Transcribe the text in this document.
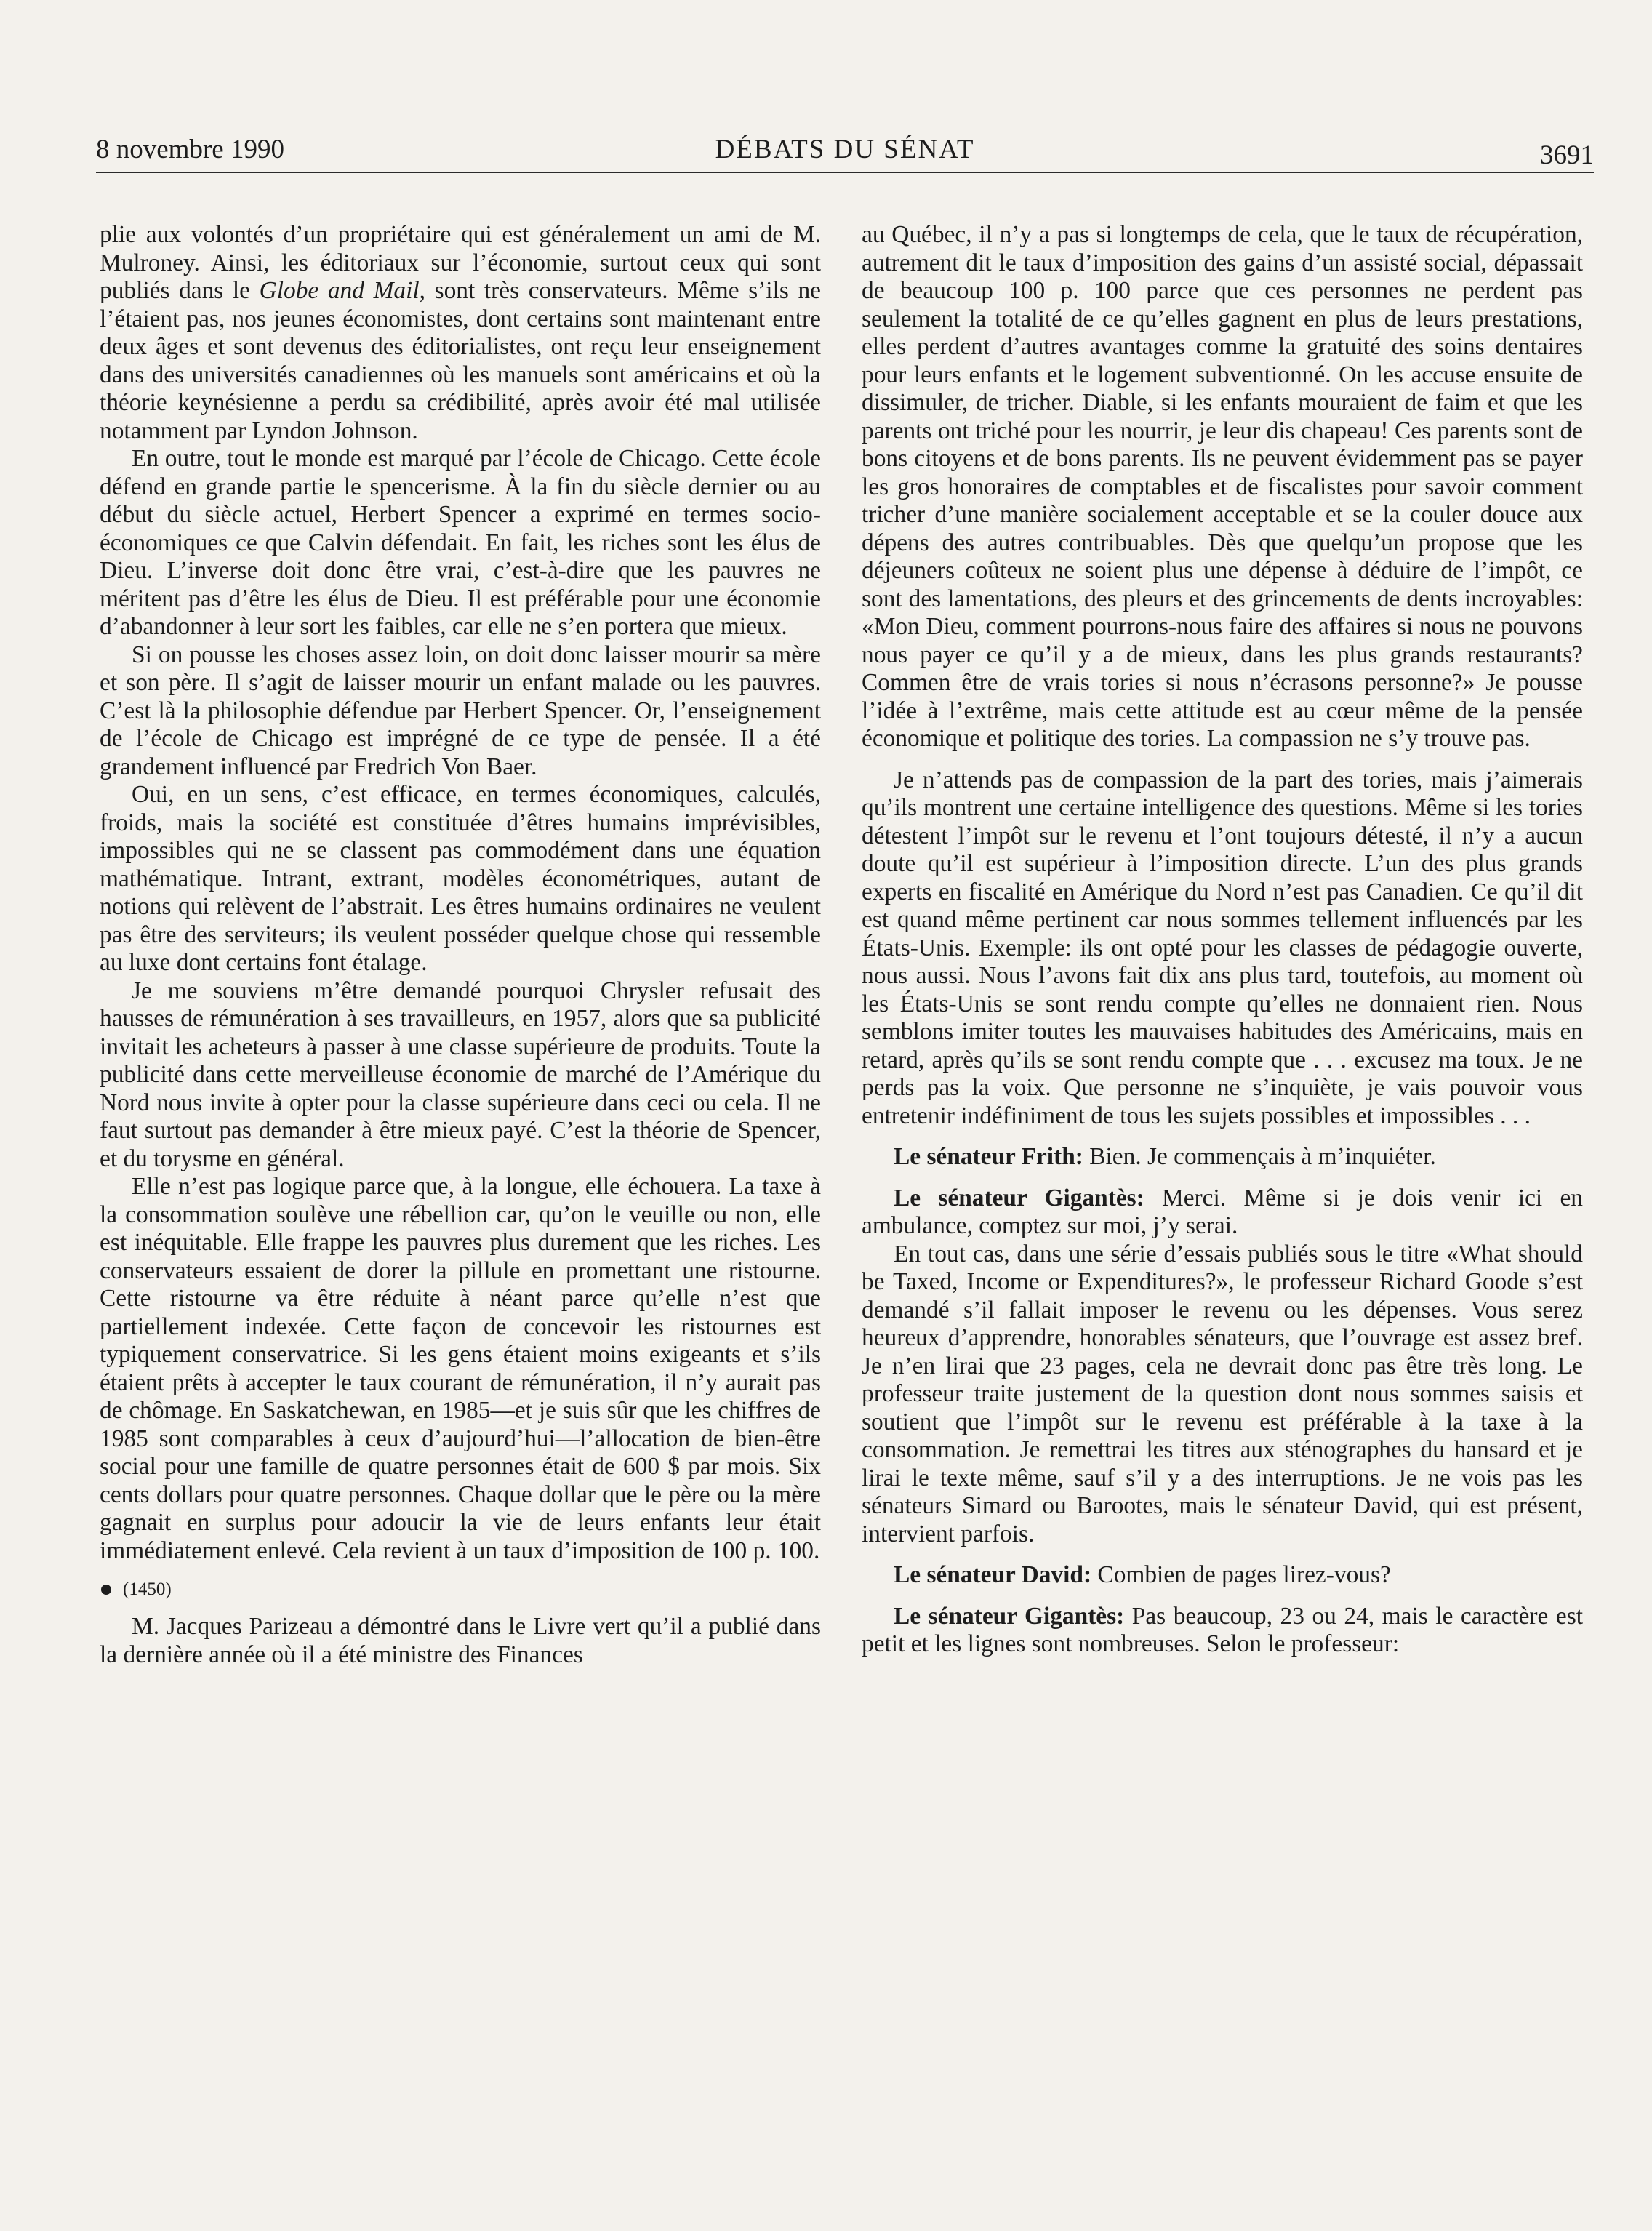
8 novembre 1990	DÉBATS DU SÉNAT	3691

plie aux volontés d’un propriétaire qui est généralement un ami de M. Mulroney. Ainsi, les éditoriaux sur l’économie, surtout ceux qui sont publiés dans le Globe and Mail, sont très conservateurs. Même s’ils ne l’étaient pas, nos jeunes économistes, dont certains sont maintenant entre deux âges et sont devenus des éditorialistes, ont reçu leur enseignement dans des universités canadiennes où les manuels sont américains et où la théorie keynésienne a perdu sa crédibilité, après avoir été mal utilisée notamment par Lyndon Johnson.

En outre, tout le monde est marqué par l’école de Chicago. Cette école défend en grande partie le spencerisme. À la fin du siècle dernier ou au début du siècle actuel, Herbert Spencer a exprimé en termes socio-économiques ce que Calvin défendait. En fait, les riches sont les élus de Dieu. L’inverse doit donc être vrai, c’est-à-dire que les pauvres ne méritent pas d’être les élus de Dieu. Il est préférable pour une économie d’abandonner à leur sort les faibles, car elle ne s’en portera que mieux.

Si on pousse les choses assez loin, on doit donc laisser mourir sa mère et son père. Il s’agit de laisser mourir un enfant malade ou les pauvres. C’est là la philosophie défendue par Herbert Spencer. Or, l’enseignement de l’école de Chicago est imprégné de ce type de pensée. Il a été grandement influencé par Fredrich Von Baer.

Oui, en un sens, c’est efficace, en termes économiques, calculés, froids, mais la société est constituée d’êtres humains imprévisibles, impossibles qui ne se classent pas commodément dans une équation mathématique. Intrant, extrant, modèles économétriques, autant de notions qui relèvent de l’abstrait. Les êtres humains ordinaires ne veulent pas être des serviteurs; ils veulent posséder quelque chose qui ressemble au luxe dont certains font étalage.

Je me souviens m’être demandé pourquoi Chrysler refusait des hausses de rémunération à ses travailleurs, en 1957, alors que sa publicité invitait les acheteurs à passer à une classe supérieure de produits. Toute la publicité dans cette merveilleuse économie de marché de l’Amérique du Nord nous invite à opter pour la classe supérieure dans ceci ou cela. Il ne faut surtout pas demander à être mieux payé. C’est la théorie de Spencer, et du torysme en général.

Elle n’est pas logique parce que, à la longue, elle échouera. La taxe à la consommation soulève une rébellion car, qu’on le veuille ou non, elle est inéquitable. Elle frappe les pauvres plus durement que les riches. Les conservateurs essaient de dorer la pillule en promettant une ristourne. Cette ristourne va être réduite à néant parce qu’elle n’est que partiellement indexée. Cette façon de concevoir les ristournes est typiquement conservatrice. Si les gens étaient moins exigeants et s’ils étaient prêts à accepter le taux courant de rémunération, il n’y aurait pas de chômage. En Saskatchewan, en 1985—et je suis sûr que les chiffres de 1985 sont comparables à ceux d’aujourd’hui—l’allocation de bien-être social pour une famille de quatre personnes était de 600 $ par mois. Six cents dollars pour quatre personnes. Chaque dollar que le père ou la mère gagnait en surplus pour adoucir la vie de leurs enfants leur était immédiatement enlevé. Cela revient à un taux d’imposition de 100 p. 100.

(1450)

M. Jacques Parizeau a démontré dans le Livre vert qu’il a publié dans la dernière année où il a été ministre des Finances

au Québec, il n’y a pas si longtemps de cela, que le taux de récupération, autrement dit le taux d’imposition des gains d’un assisté social, dépassait de beaucoup 100 p. 100 parce que ces personnes ne perdent pas seulement la totalité de ce qu’elles gagnent en plus de leurs prestations, elles perdent d’autres avantages comme la gratuité des soins dentaires pour leurs enfants et le logement subventionné. On les accuse ensuite de dissimuler, de tricher. Diable, si les enfants mouraient de faim et que les parents ont triché pour les nourrir, je leur dis chapeau! Ces parents sont de bons citoyens et de bons parents. Ils ne peuvent évidemment pas se payer les gros honoraires de comptables et de fiscalistes pour savoir comment tricher d’une manière socialement acceptable et se la couler douce aux dépens des autres contribuables. Dès que quelqu’un propose que les déjeuners coûteux ne soient plus une dépense à déduire de l’impôt, ce sont des lamentations, des pleurs et des grincements de dents incroyables: «Mon Dieu, comment pourrons-nous faire des affaires si nous ne pouvons nous payer ce qu’il y a de mieux, dans les plus grands restaurants? Commen être de vrais tories si nous n’écrasons personne?» Je pousse l’idée à l’extrême, mais cette attitude est au cœur même de la pensée économique et politique des tories. La compassion ne s’y trouve pas.

Je n’attends pas de compassion de la part des tories, mais j’aimerais qu’ils montrent une certaine intelligence des questions. Même si les tories détestent l’impôt sur le revenu et l’ont toujours détesté, il n’y a aucun doute qu’il est supérieur à l’imposition directe. L’un des plus grands experts en fiscalité en Amérique du Nord n’est pas Canadien. Ce qu’il dit est quand même pertinent car nous sommes tellement influencés par les États-Unis. Exemple: ils ont opté pour les classes de pédagogie ouverte, nous aussi. Nous l’avons fait dix ans plus tard, toutefois, au moment où les États-Unis se sont rendu compte qu’elles ne donnaient rien. Nous semblons imiter toutes les mauvaises habitudes des Américains, mais en retard, après qu’ils se sont rendu compte que . . . excusez ma toux. Je ne perds pas la voix. Que personne ne s’inquiète, je vais pouvoir vous entretenir indéfiniment de tous les sujets possibles et impossibles . . .

Le sénateur Frith: Bien. Je commençais à m’inquiéter.

Le sénateur Gigantès: Merci. Même si je dois venir ici en ambulance, comptez sur moi, j’y serai.

En tout cas, dans une série d’essais publiés sous le titre «What should be Taxed, Income or Expenditures?», le professeur Richard Goode s’est demandé s’il fallait imposer le revenu ou les dépenses. Vous serez heureux d’apprendre, honorables sénateurs, que l’ouvrage est assez bref. Je n’en lirai que 23 pages, cela ne devrait donc pas être très long. Le professeur traite justement de la question dont nous sommes saisis et soutient que l’impôt sur le revenu est préférable à la taxe à la consommation. Je remettrai les titres aux sténographes du hansard et je lirai le texte même, sauf s’il y a des interruptions. Je ne vois pas les sénateurs Simard ou Barootes, mais le sénateur David, qui est présent, intervient parfois.

Le sénateur David: Combien de pages lirez-vous?

Le sénateur Gigantès: Pas beaucoup, 23 ou 24, mais le caractère est petit et les lignes sont nombreuses. Selon le professeur:
